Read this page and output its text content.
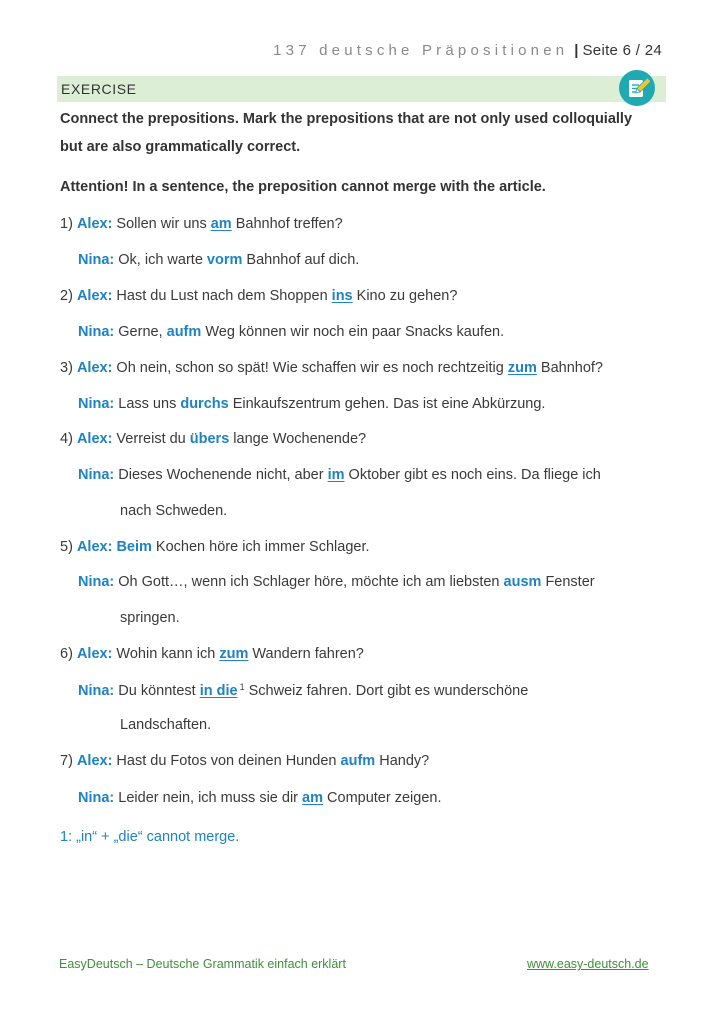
137 deutsche Präpositionen | Seite 6 / 24
EXERCISE
Connect the prepositions. Mark the prepositions that are not only used colloquially
but are also grammatically correct.
Attention! In a sentence, the preposition cannot merge with the article.
1) Alex: Sollen wir uns am Bahnhof treffen?
Nina: Ok, ich warte vorm Bahnhof auf dich.
2) Alex: Hast du Lust nach dem Shoppen ins Kino zu gehen?
Nina: Gerne, aufm Weg können wir noch ein paar Snacks kaufen.
3) Alex: Oh nein, schon so spät! Wie schaffen wir es noch rechtzeitig zum Bahnhof?
Nina: Lass uns durchs Einkaufszentrum gehen. Das ist eine Abkürzung.
4) Alex: Verreist du übers lange Wochenende?
Nina: Dieses Wochenende nicht, aber im Oktober gibt es noch eins. Da fliege ich
nach Schweden.
5) Alex: Beim Kochen höre ich immer Schlager.
Nina: Oh Gott…, wenn ich Schlager höre, möchte ich am liebsten ausm Fenster
springen.
6) Alex: Wohin kann ich zum Wandern fahren?
Nina: Du könntest in die $^1$ Schweiz fahren. Dort gibt es wunderschöne
Landschaften.
7) Alex: Hast du Fotos von deinen Hunden aufm Handy?
Nina: Leider nein, ich muss sie dir am Computer zeigen.
1: „in“ + „die“ cannot merge.
EasyDeutsch – Deutsche Grammatik einfach erklärt	www.easy-deutsch.de
